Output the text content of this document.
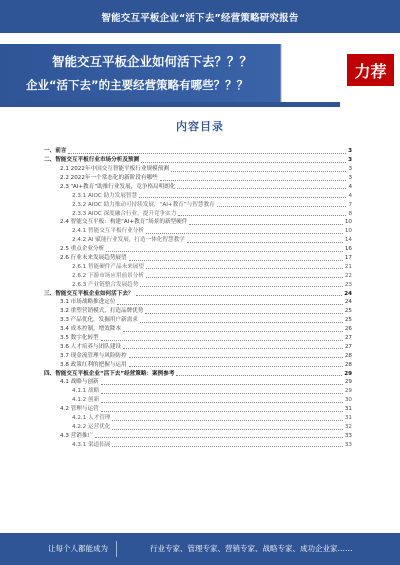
智能交互平板企业“活下去”经营策略研究报告
智能交互平板企业如何活下去？？？
企业“活下去”的主要经营策略有哪些？？？
力荐
内容目录
一、前言	3
二、智能交互平板行业市场分析及预测	3
2.1 2022年中国交互智能平板行业规模预测	3
2.2 2022年一个常态化的新阶段有哪些	3
2.3 “AI+教育”助推行业发展，竞争格局明朗化	4
2.3.1 AIOC 助力发展智慧	4
2.3.2 AIOC 助力推动可持续发展，“AI+教育”与智慧教育	7
2.3.3 AIOC 深度融合行业，提升竞争实力	8
2.4 智能交互平板：构建“AI+教育”场景的新型硬件	10
2.4.1 智能交互平板行业分析	10
2.4.2 AI 赋能行业发展，打造一体化智慧教学	14
2.5 重点企业分析	16
2.6 行业未来发展趋势展望	17
2.6.1 智能硬件产品未来展望	21
2.6.2 下游市场应用前景分析	22
2.6.3 产业链整合发展趋势	23
三、智能交互平板企业如何活下去？	24
3.1 市场战略推进定位	24
3.2 重塑营销模式，打造品牌优势	25
3.3 产品优化，发掘用户新需求	25
3.4 成本控制，增效降本	26
3.5 数字化转型	27
3.6 人才培养与团队建设	27
3.7 现金流管理与风险防控	28
3.8 政策红利的把握与运用	28
四、智能交互平板企业“活下去”经营策略：案例参考	29
4.1 战略与创新	29
4.1.1 战略	29
4.1.2 创新	30
4.2 管理与运营	31
4.2.1 人才管理	31
4.2.2 运营优化	32
4.3 营销推广	33
4.3.1 渠道拓展	33
让每个人都能成为	行业专家、管理专家、营销专家、战略专家、成功企业家……
